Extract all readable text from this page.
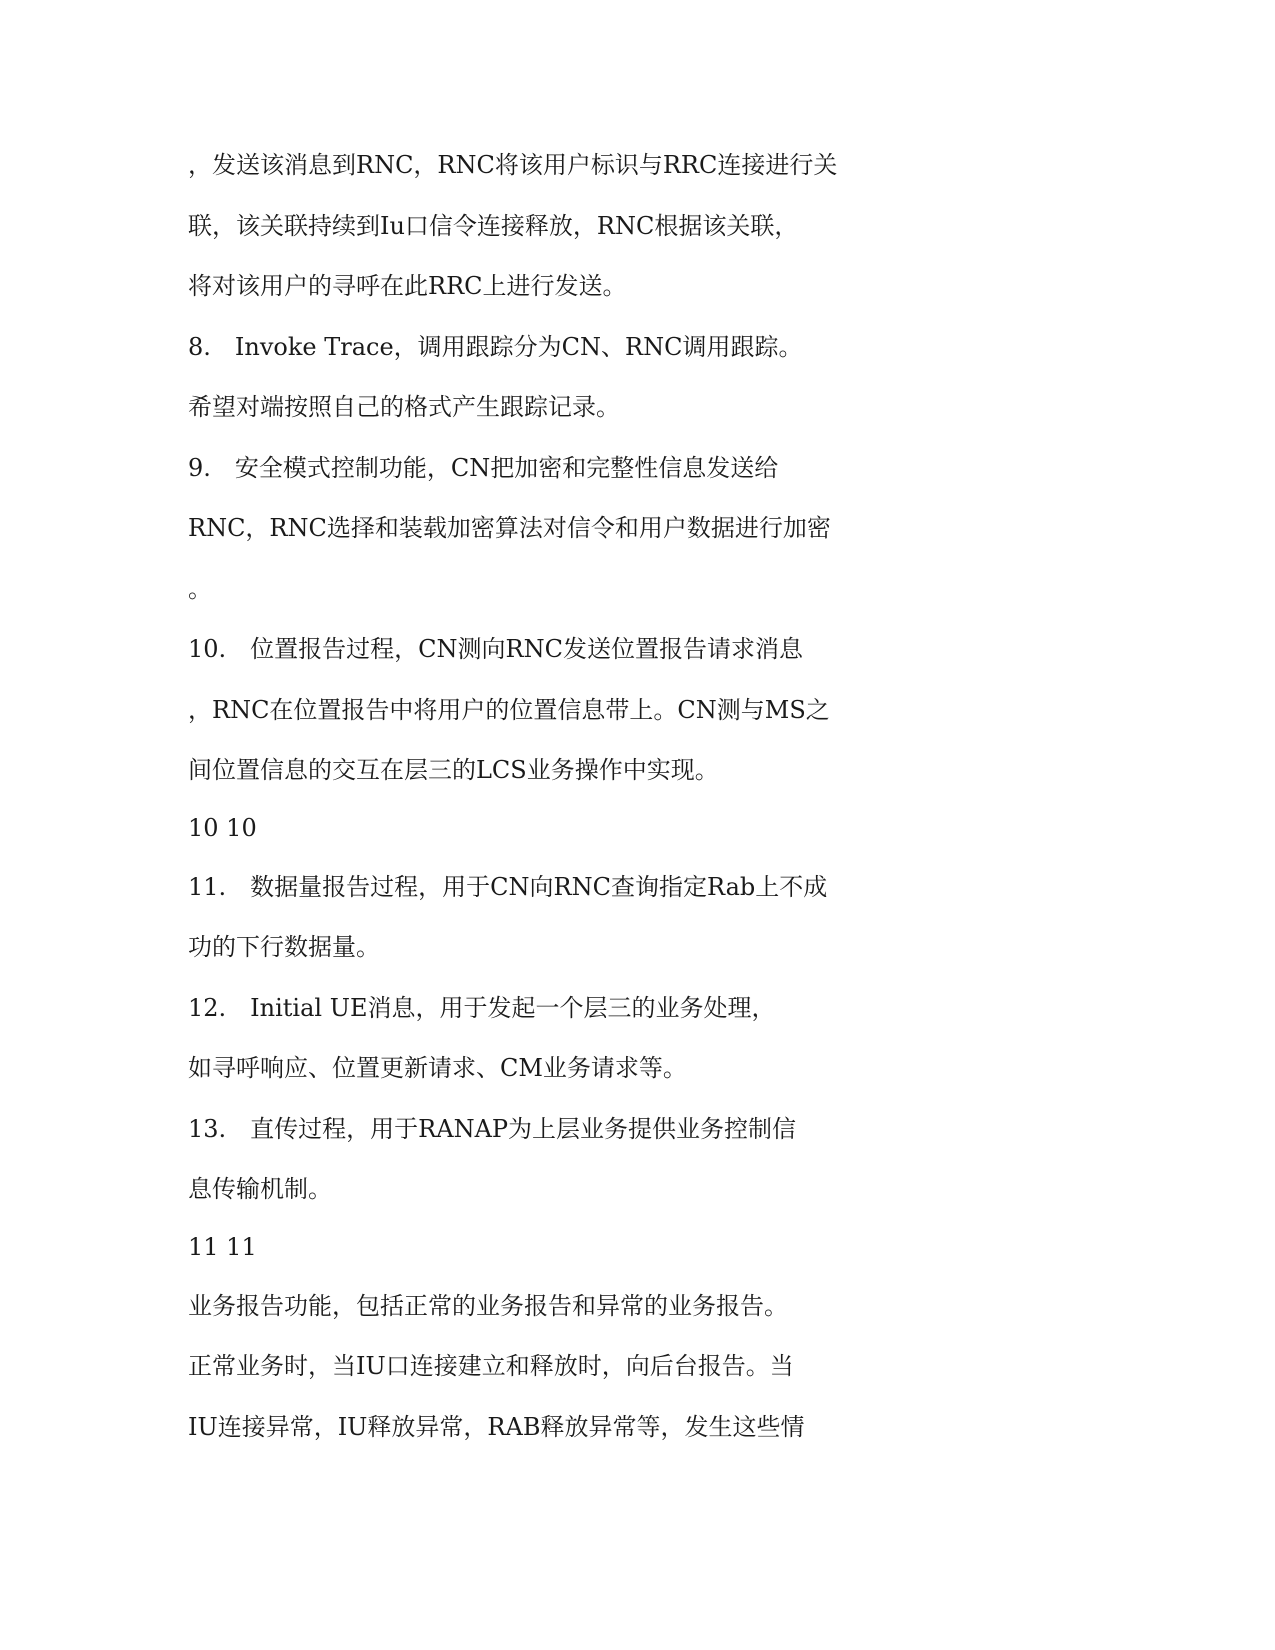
，发送该消息到RNC，RNC将该用户标识与RRC连接进行关
联，该关联持续到Iu口信令连接释放，RNC根据该关联，
将对该用户的寻呼在此RRC上进行发送。
8.　Invoke Trace，调用跟踪分为CN、RNC调用跟踪。
希望对端按照自己的格式产生跟踪记录。
9.　安全模式控制功能，CN把加密和完整性信息发送给
RNC，RNC选择和装载加密算法对信令和用户数据进行加密
。
10.　位置报告过程，CN测向RNC发送位置报告请求消息
，RNC在位置报告中将用户的位置信息带上。CN测与MS之
间位置信息的交互在层三的LCS业务操作中实现。
10 10
11.　数据量报告过程，用于CN向RNC查询指定Rab上不成
功的下行数据量。
12.　Initial UE消息，用于发起一个层三的业务处理，
如寻呼响应、位置更新请求、CM业务请求等。
13.　直传过程，用于RANAP为上层业务提供业务控制信
息传输机制。
11 11
业务报告功能，包括正常的业务报告和异常的业务报告。
正常业务时，当IU口连接建立和释放时，向后台报告。当
IU连接异常，IU释放异常，RAB释放异常等，发生这些情
